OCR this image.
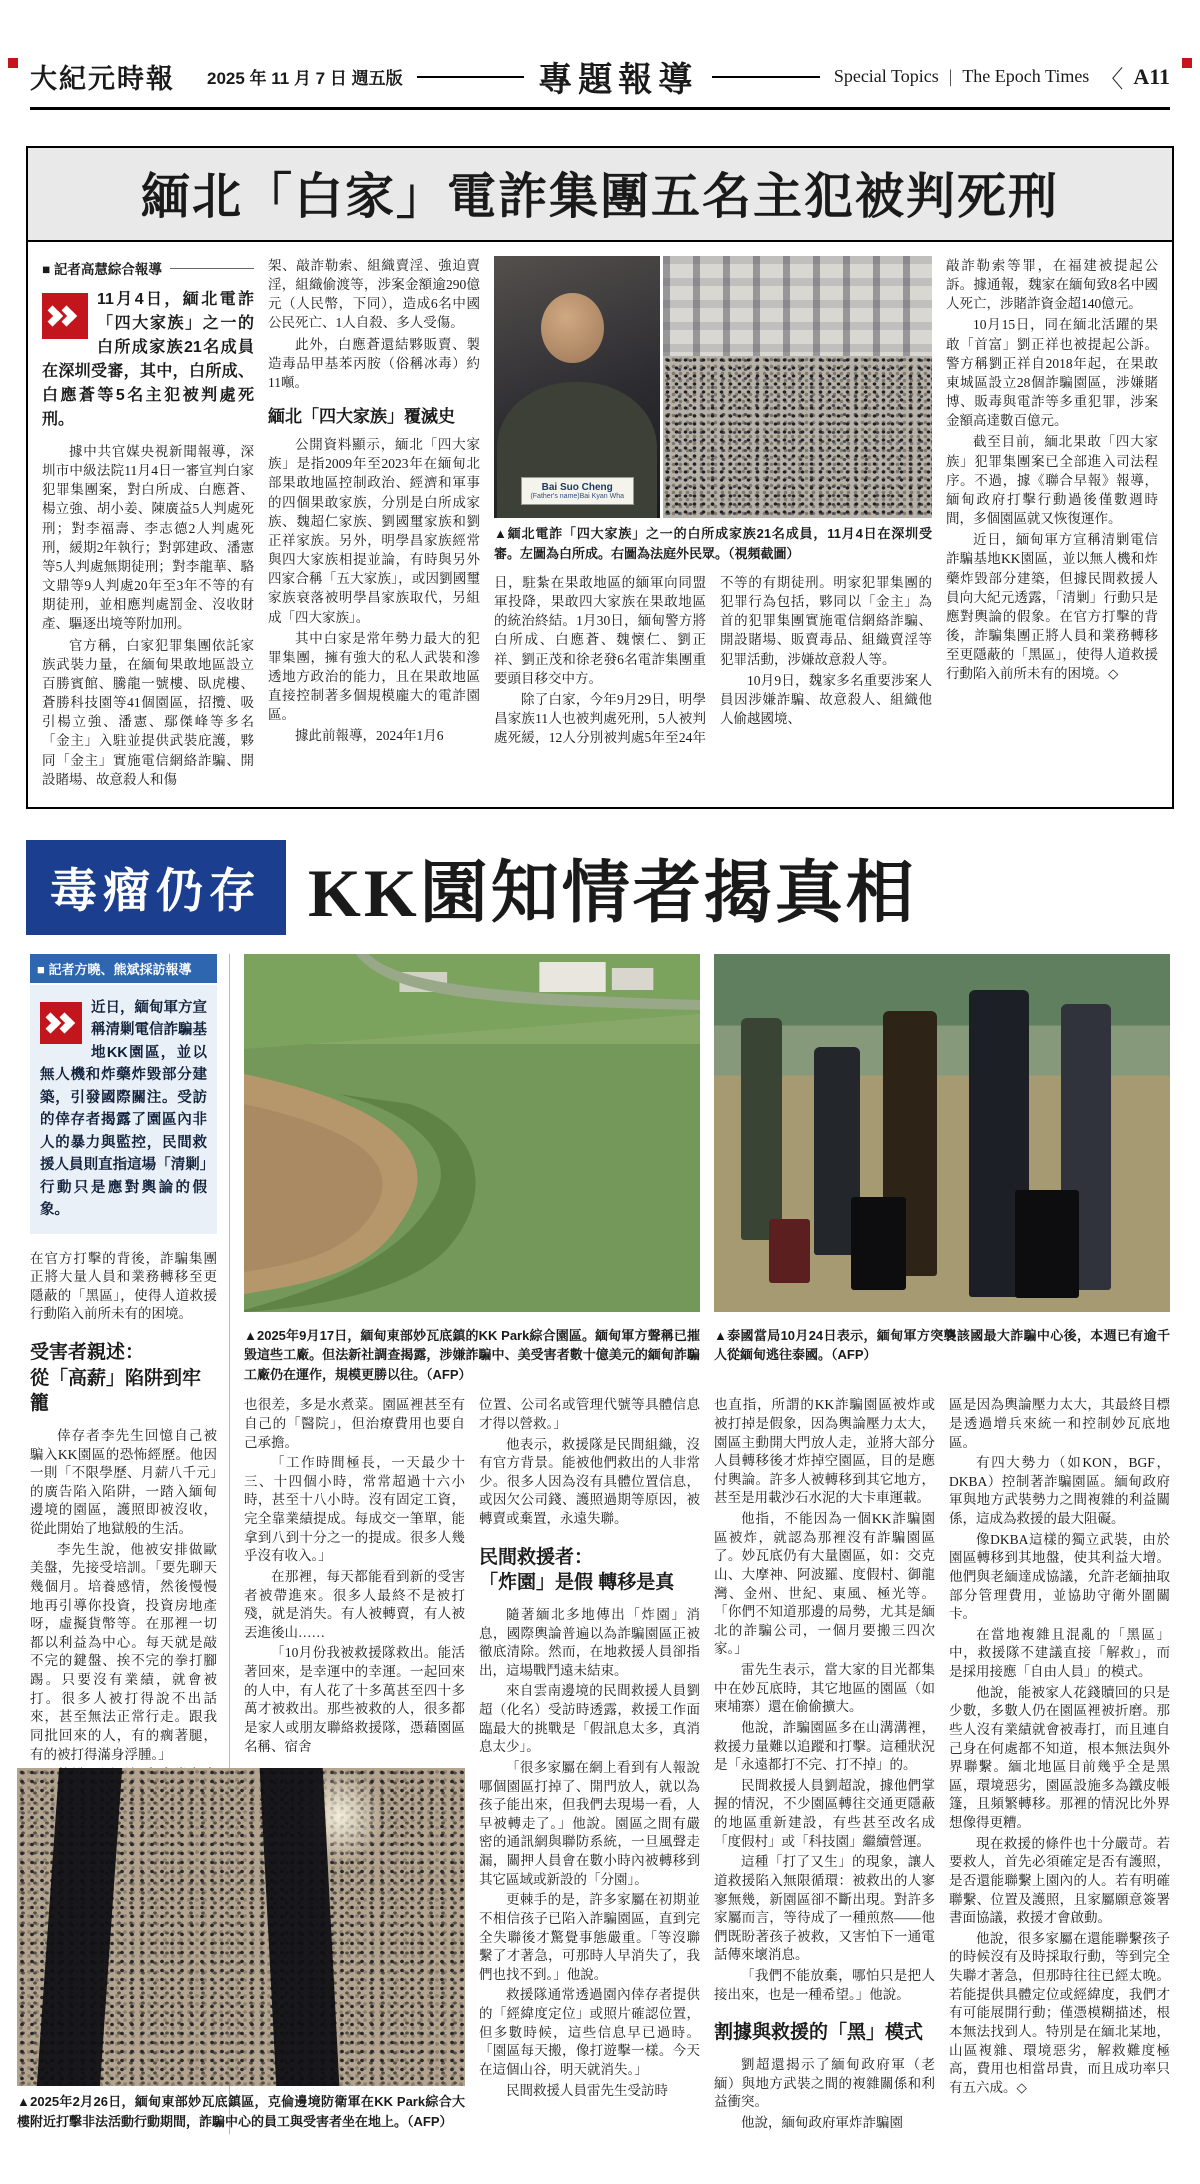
大紀元時報 2025 年 11 月 7 日 週五版	專題報導	Special Topics | The Epoch Times 〈 A11
緬北「白家」電詐集團五名主犯被判死刑
■ 記者高慧綜合報導
11月4日，緬北電詐「四大家族」之一的白所成家族21名成員在深圳受審，其中，白所成、白應蒼等5名主犯被判處死刑。

據中共官媒央視新聞報導，深圳市中級法院11月4日一審宣判白家犯罪集團案，對白所成、白應蒼、楊立強、胡小姜、陳廣益5人判處死刑；對李福壽、李志德2人判處死刑，緩期2年執行；對郭建政、潘憲等5人判處無期徒刑；對李龍華、駱文鼎等9人判處20年至3年不等的有期徒刑，並相應判處罰金、沒收財產、驅逐出境等附加刑。

官方稱，白家犯罪集團依託家族武裝力量，在緬甸果敢地區設立百勝賓館、騰龍一號樓、臥虎樓、蒼勝科技園等41個園區，招攬、吸引楊立強、潘憲、鄢傑峰等多名「金主」入駐並提供武裝庇護，夥同「金主」實施電信網絡詐騙、開設賭場、故意殺人和傷

架、敲詐勒索、組織賣淫、強迫賣淫，組織偷渡等，涉案金額逾290億元（人民幣，下同），造成6名中國公民死亡、1人自殺、多人受傷。

此外，白應蒼還結夥販賣、製造毒品甲基苯丙胺（俗稱冰毒）約11噸。

緬北「四大家族」覆滅史

公開資料顯示，緬北「四大家族」是指2009年至2023年在緬甸北部果敢地區控制政治、經濟和軍事的四個果敢家族，分別是白所成家族、魏超仁家族、劉國璽家族和劉正祥家族。另外，明學昌家族經常與四大家族相提並論，有時與另外四家合稱「五大家族」，或因劉國璽家族衰落被明學昌家族取代，另組成「四大家族」。

其中白家是常年勢力最大的犯罪集團，擁有強大的私人武裝和滲透地方政治的能力，且在果敢地區直接控制著多個規模龐大的電詐園區。

據此前報導，2024年1月6

Bai Suo Cheng
(Father's name)Bai Kyan Wha
▲緬北電詐「四大家族」之一的白所成家族21名成員，11月4日在深圳受審。左圖為白所成。右圖為法庭外民眾。（視頻截圖）

日，駐紮在果敢地區的緬軍向同盟軍投降，果敢四大家族在果敢地區的統治終結。1月30日，緬甸警方將白所成、白應蒼、魏懷仁、劉正祥、劉正茂和徐老發6名電詐集團重要頭目移交中方。

除了白家，今年9月29日，明學昌家族11人也被判處死刑，5人被判處死緩，12人分別被判處5年至24年不等的有期徒刑。明家犯罪集團的犯罪行為包括，夥同以「金主」為首的犯罪集團實施電信網絡詐騙、開設賭場、販賣毒品、組織賣淫等犯罪活動，涉嫌故意殺人等。

10月9日，魏家多名重要涉案人員因涉嫌詐騙、故意殺人、組織他人偷越國境、

敲詐勒索等罪，在福建被提起公訴。據通報，魏家在緬甸致8名中國人死亡，涉賭詐資金超140億元。

10月15日，同在緬北活躍的果敢「首富」劉正祥也被提起公訴。警方稱劉正祥自2018年起，在果敢東城區設立28個詐騙園區，涉嫌賭博、販毒與電詐等多重犯罪，涉案金額高達數百億元。

截至目前，緬北果敢「四大家族」犯罪集團案已全部進入司法程序。不過，據《聯合早報》報導，緬甸政府打擊行動過後僅數週時間，多個園區就又恢復運作。

近日，緬甸軍方宣稱清剿電信詐騙基地KK園區，並以無人機和炸藥炸毀部分建築，但據民間救援人員向大紀元透露，「清剿」行動只是應對輿論的假象。在官方打擊的背後，詐騙集團正將人員和業務轉移至更隱蔽的「黑區」，使得人道救援行動陷入前所未有的困境。◇

毒瘤仍存 KK園知情者揭真相
■ 記者方曉、熊斌採訪報導
近日，緬甸軍方宣稱清剿電信詐騙基地KK園區，並以無人機和炸藥炸毀部分建築，引發國際關注。受訪的倖存者揭露了園區內非人的暴力與監控，民間救援人員則直指這場「清剿」行動只是應對輿論的假象。

在官方打擊的背後，詐騙集團正將大量人員和業務轉移至更隱蔽的「黑區」，使得人道救援行動陷入前所未有的困境。

受害者親述：
從「高薪」陷阱到牢籠

倖存者李先生回憶自己被騙入KK園區的恐怖經歷。他因一則「不限學歷、月薪八千元」的廣告陷入陷阱，一踏入緬甸邊境的園區，護照即被沒收，從此開始了地獄般的生活。

李先生說，他被安排做歐美盤，先接受培訓。「要先聊天幾個月。培養感情，然後慢慢地再引導你投資，投資房地產呀，虛擬貨幣等。在那裡一切都以利益為中心。每天就是敲不完的鍵盤、挨不完的拳打腳踢。只要沒有業績，就會被打。很多人被打得說不出話來，甚至無法正常行走。跟我同批回來的人，有的瘸著腿，有的被打得滿身浮腫。」

▲2025年9月17日，緬甸東部妙瓦底鎮的KK Park綜合園區。緬甸軍方聲稱已摧毀這些工廠。但法新社調查揭露，涉嫌詐騙中、美受害者數十億美元的緬甸詐騙工廠仍在運作，規模更勝以往。（AFP）
▲泰國當局10月24日表示，緬甸軍方突襲該國最大詐騙中心後，本週已有逾千人從緬甸逃往泰國。（AFP）

也很差，多是水煮菜。園區裡甚至有自己的「醫院」，但治療費用也要自己承擔。

「工作時間極長，一天最少十三、十四個小時，常常超過十六小時，甚至十八小時。沒有固定工資，完全靠業績提成。每成交一筆單，能拿到八到十分之一的提成。很多人幾乎沒有收入。」

在那裡，每天都能看到新的受害者被帶進來。很多人最終不是被打殘，就是消失。有人被轉賣，有人被丟進後山……

「10月份我被救援隊救出。能活著回來，是幸運中的幸運。一起回來的人中，有人花了十多萬甚至四十多萬才被救出。那些被救的人，很多都是家人或朋友聯絡救援隊，憑藉園區名稱、宿舍

▲2025年2月26日，緬甸東部妙瓦底鎮區，克倫邊境防衛軍在KK Park綜合大樓附近打擊非法活動行動期間，詐騙中心的員工與受害者坐在地上。（AFP）

位置、公司名或管理代號等具體信息才得以營救。」

他表示，救援隊是民間組織，沒有官方背景。能被他們救出的人非常少。很多人因為沒有具體位置信息，或因欠公司錢、護照過期等原因，被轉賣或棄置，永遠失聯。

民間救援者：
「炸園」是假 轉移是真

隨著緬北多地傳出「炸園」消息，國際輿論普遍以為詐騙園區正被徹底清除。然而，在地救援人員卻指出，這場戰鬥遠未結束。

來自雲南邊境的民間救援人員劉超（化名）受訪時透露，救援工作面臨最大的挑戰是「假訊息太多，真消息太少」。

「很多家屬在網上看到有人報說哪個園區打掉了、開門放人，就以為孩子能出來，但我們去現場一看，人早被轉走了。」他說。園區之間有嚴密的通訊網與聯防系統，一旦風聲走漏，關押人員會在數小時內被轉移到其它區域或新設的「分園」。

更棘手的是，許多家屬在初期並不相信孩子已陷入詐騙園區，直到完全失聯後才驚覺事態嚴重。「等沒聯繫了才著急，可那時人早消失了，我們也找不到。」他說。

救援隊通常透過園內倖存者提供的「經緯度定位」或照片確認位置，但多數時候，這些信息早已過時。「園區每天搬，像打遊擊一樣。今天在這個山谷，明天就消失。」

民間救援人員雷先生受訪時

也直指，所謂的KK詐騙園區被炸或被打掉是假象，因為輿論壓力太大，園區主動開大門放人走，並將大部分人員轉移後才炸掉空園區，目的是應付輿論。許多人被轉移到其它地方，甚至是用載沙石水泥的大卡車運載。

他指，不能因為一個KK詐騙園區被炸，就認為那裡沒有詐騙園區了。妙瓦底仍有大量園區，如：交克山、大摩神、阿波羅、度假村、御龍灣、金州、世紀、東風、極光等。「你們不知道那邊的局勢，尤其是緬北的詐騙公司，一個月要搬三四次家。」

雷先生表示，當大家的目光都集中在妙瓦底時，其它地區的園區（如柬埔寨）還在偷偷擴大。

他說，詐騙園區多在山溝溝裡，救援力量難以追蹤和打擊。這種狀況是「永遠都打不完、打不掉」的。

民間救援人員劉超說，據他們掌握的情況，不少園區轉往交通更隱蔽的地區重新建設，有些甚至改名成「度假村」或「科技園」繼續營運。

這種「打了又生」的現象，讓人道救援陷入無限循環：被救出的人寥寥無幾，新園區卻不斷出現。對許多家屬而言，等待成了一種煎熬——他們既盼著孩子被救，又害怕下一通電話傳來壞消息。

「我們不能放棄，哪怕只是把人接出來，也是一種希望。」他說。

割據與救援的「黑」模式

劉超還揭示了緬甸政府軍（老緬）與地方武裝之間的複雜關係和利益衝突。

他說，緬甸政府軍炸詐騙園

區是因為輿論壓力太大，其最終目標是透過增兵來統一和控制妙瓦底地區。

有四大勢力（如KON，BGF，DKBA）控制著詐騙園區。緬甸政府軍與地方武裝勢力之間複雜的利益關係，這成為救援的最大阻礙。

像DKBA這樣的獨立武裝，由於園區轉移到其地盤，使其利益大增。他們與老緬達成協議，允許老緬抽取部分管理費用，並協助守衛外圍關卡。

在當地複雜且混亂的「黑區」中，救援隊不建議直接「解救」，而是採用接應「自由人員」的模式。

他說，能被家人花錢贖回的只是少數，多數人仍在園區裡被折磨。那些人沒有業績就會被毒打，而且連自己身在何處都不知道，根本無法與外界聯繫。緬北地區目前幾乎全是黑區，環境惡劣，園區設施多為鐵皮帳篷，且頻繁轉移。那裡的情況比外界想像得更糟。

現在救援的條件也十分嚴苛。若要救人，首先必須確定是否有護照，是否還能聯繫上園內的人。若有明確聯繫、位置及護照，且家屬願意簽署書面協議，救援才會啟動。

他說，很多家屬在還能聯繫孩子的時候沒有及時採取行動，等到完全失聯才著急，但那時往往已經太晚。若能提供具體定位或經緯度，我們才有可能展開行動；僅憑模糊描述，根本無法找到人。特別是在緬北某地，山區複雜、環境惡劣，解救難度極高，費用也相當昂貴，而且成功率只有五六成。◇
